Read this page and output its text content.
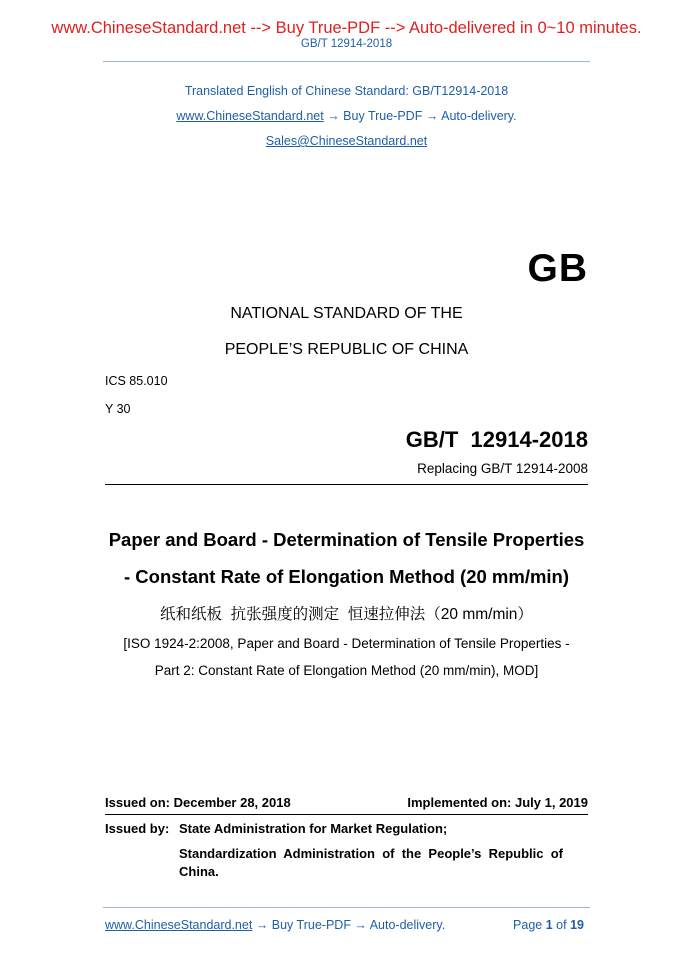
www.ChineseStandard.net --> Buy True-PDF --> Auto-delivered in 0~10 minutes.
GB/T 12914-2018
Translated English of Chinese Standard: GB/T12914-2018
www.ChineseStandard.net → Buy True-PDF → Auto-delivery.
Sales@ChineseStandard.net
GB
NATIONAL STANDARD OF THE
PEOPLE’S REPUBLIC OF CHINA
ICS 85.010
Y 30
GB/T  12914-2018
Replacing GB/T 12914-2008
Paper and Board - Determination of Tensile Properties
- Constant Rate of Elongation Method (20 mm/min)
纸和纸板  抗张强度的测定  恒速拉伸法（20 mm/min）
[ISO 1924-2:2008, Paper and Board - Determination of Tensile Properties -
Part 2: Constant Rate of Elongation Method (20 mm/min), MOD]
Issued on: December 28, 2018	Implemented on: July 1, 2019
Issued by: State Administration for Market Regulation;
Standardization  Administration  of  the  People’s  Republic  of
China.
www.ChineseStandard.net → Buy True-PDF → Auto-delivery.	Page 1 of 19
